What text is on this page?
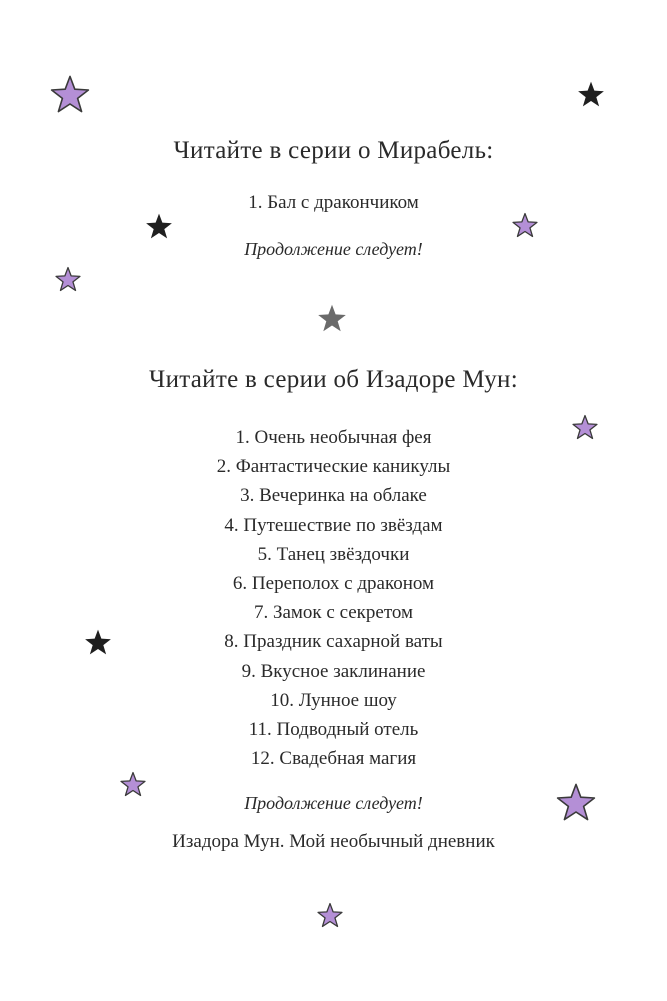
Читайте в серии о Мирабель:
1. Бал с дракончиком
Продолжение следует!
Читайте в серии об Изадоре Мун:
1. Очень необычная фея
2. Фантастические каникулы
3. Вечеринка на облаке
4. Путешествие по звёздам
5. Танец звёздочки
6. Переполох с драконом
7. Замок с секретом
8. Праздник сахарной ваты
9. Вкусное заклинание
10. Лунное шоу
11. Подводный отель
12. Свадебная магия
Продолжение следует!
Изадора Мун. Мой необычный дневник
